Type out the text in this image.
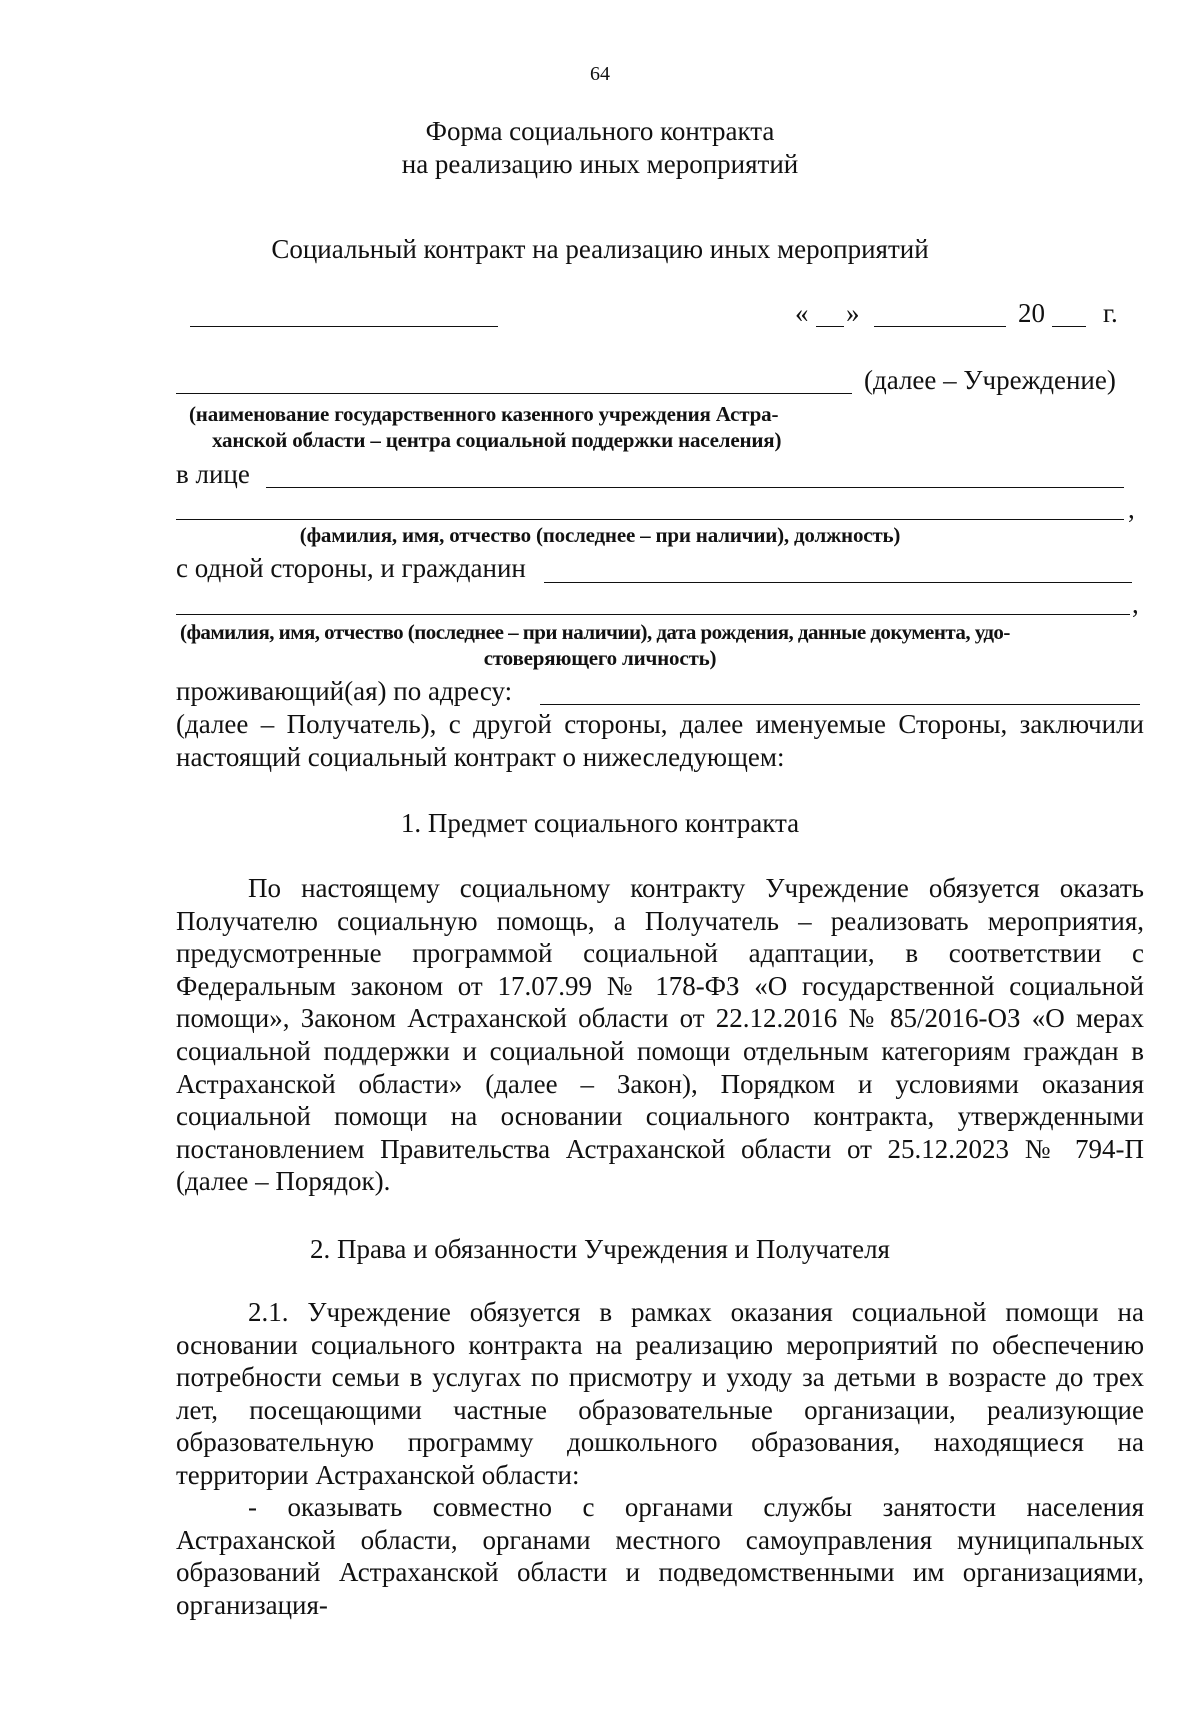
64
Форма социального контракта
на реализацию иных мероприятий
Социальный контракт на реализацию иных мероприятий
« »	20 г.
(далее – Учреждение)
(наименование государственного казенного учреждения Астра-
ханской области – центра социальной поддержки населения)
в лице
,
(фамилия, имя, отчество (последнее – при наличии), должность)
с одной стороны, и гражданин
,
(фамилия, имя, отчество (последнее – при наличии), дата рождения, данные документа, удо-
стоверяющего личность)
проживающий(ая) по адресу:
(далее – Получатель), с другой стороны, далее именуемые Стороны, заключили настоящий социальный контракт о нижеследующем:
1. Предмет социального контракта
По настоящему социальному контракту Учреждение обязуется оказать Получателю социальную помощь, а Получатель – реализовать мероприятия, предусмотренные программой социальной адаптации, в соответствии с Федеральным законом от 17.07.99 № 178-ФЗ «О государственной социальной помощи», Законом Астраханской области от 22.12.2016 № 85/2016-ОЗ «О мерах социальной поддержки и социальной помощи отдельным категориям граждан в Астраханской области» (далее – Закон), Порядком и условиями оказания социальной помощи на основании социального контракта, утвержденными постановлением Правительства Астраханской области от 25.12.2023 № 794-П (далее – Порядок).
2. Права и обязанности Учреждения и Получателя
2.1. Учреждение обязуется в рамках оказания социальной помощи на основании социального контракта на реализацию мероприятий по обеспечению потребности семьи в услугах по присмотру и уходу за детьми в возрасте до трех лет, посещающими частные образовательные организации, реализующие образовательную программу дошкольного образования, находящиеся на территории Астраханской области:
- оказывать совместно с органами службы занятости населения Астраханской области, органами местного самоуправления муниципальных образований Астраханской области и подведомственными им организациями, организация-
